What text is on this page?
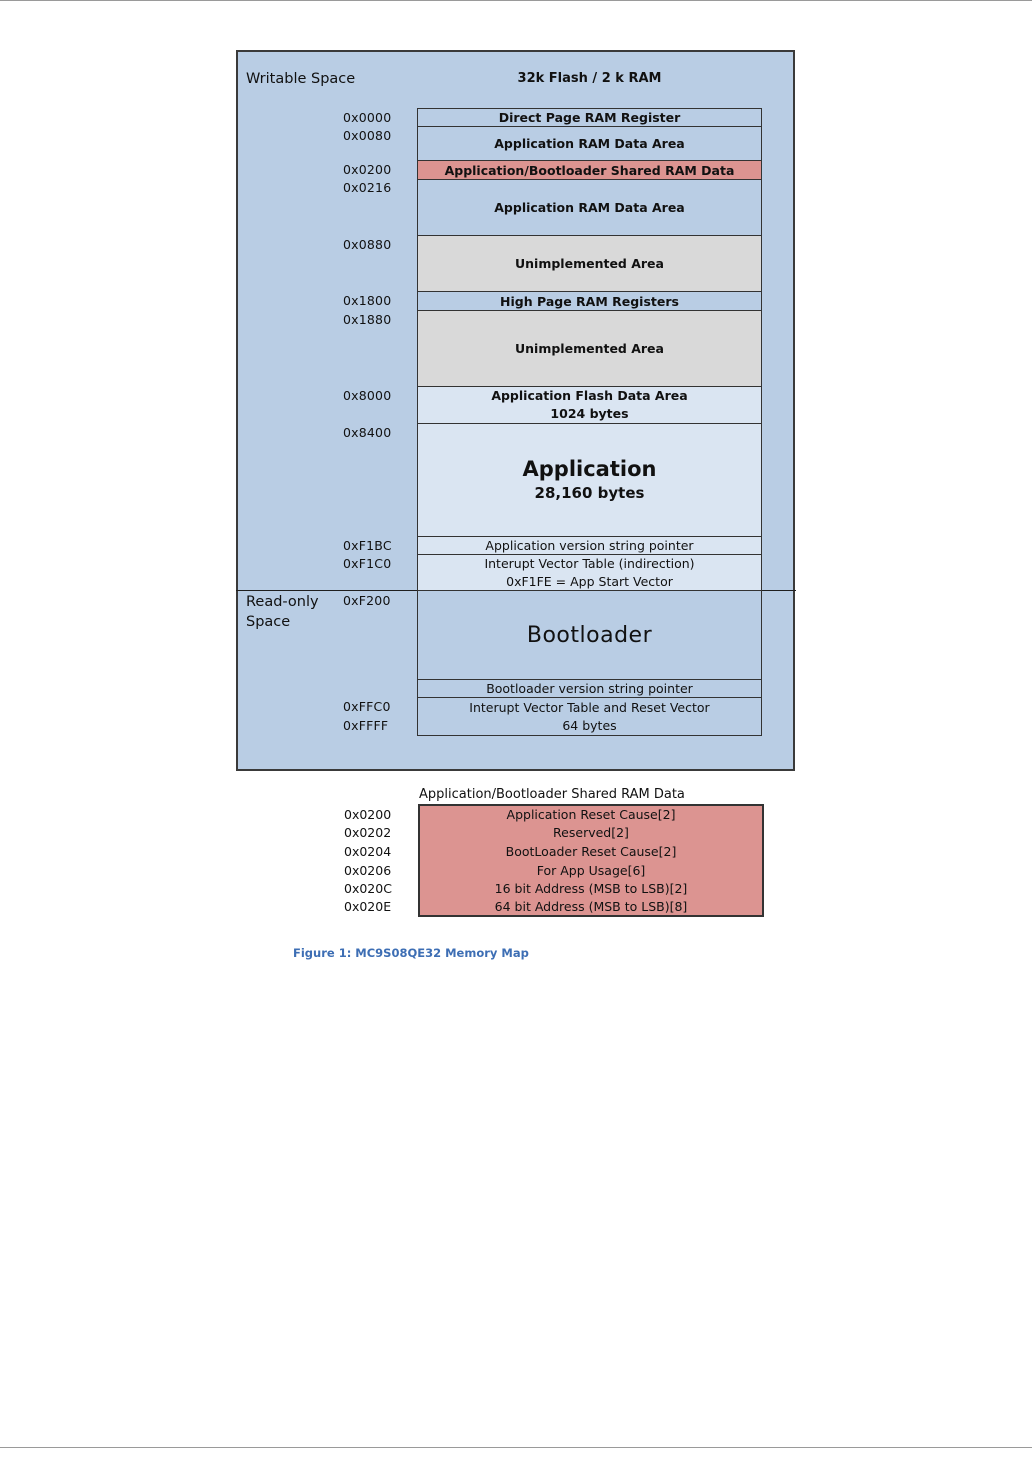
Writable Space
Read-only Space
32k Flash / 2 k RAM
0x0000
0x0080
0x0200
0x0216
0x0880
0x1800
0x1880
0x8000
0x8400
0xF1BC
0xF1C0
0xF200
0xFFC0
0xFFFF
Direct Page RAM Register
Application RAM Data Area
Application/Bootloader Shared RAM Data
Application RAM Data Area
Unimplemented Area
High Page RAM Registers
Unimplemented Area
Application Flash Data Area
1024 bytes
Application
28,160 bytes
Application version string pointer
Interupt Vector Table (indirection)
0xF1FE = App Start Vector
Bootloader
Bootloader version string pointer
Interupt Vector Table and Reset Vector
64 bytes
Application/Bootloader Shared RAM Data
Application Reset Cause[2]
Reserved[2]
BootLoader Reset Cause[2]
For App Usage[6]
16 bit Address (MSB to LSB)[2]
64 bit Address (MSB to LSB)[8]
0x0200
0x0202
0x0204
0x0206
0x020C
0x020E
Figure 1: MC9S08QE32 Memory Map
